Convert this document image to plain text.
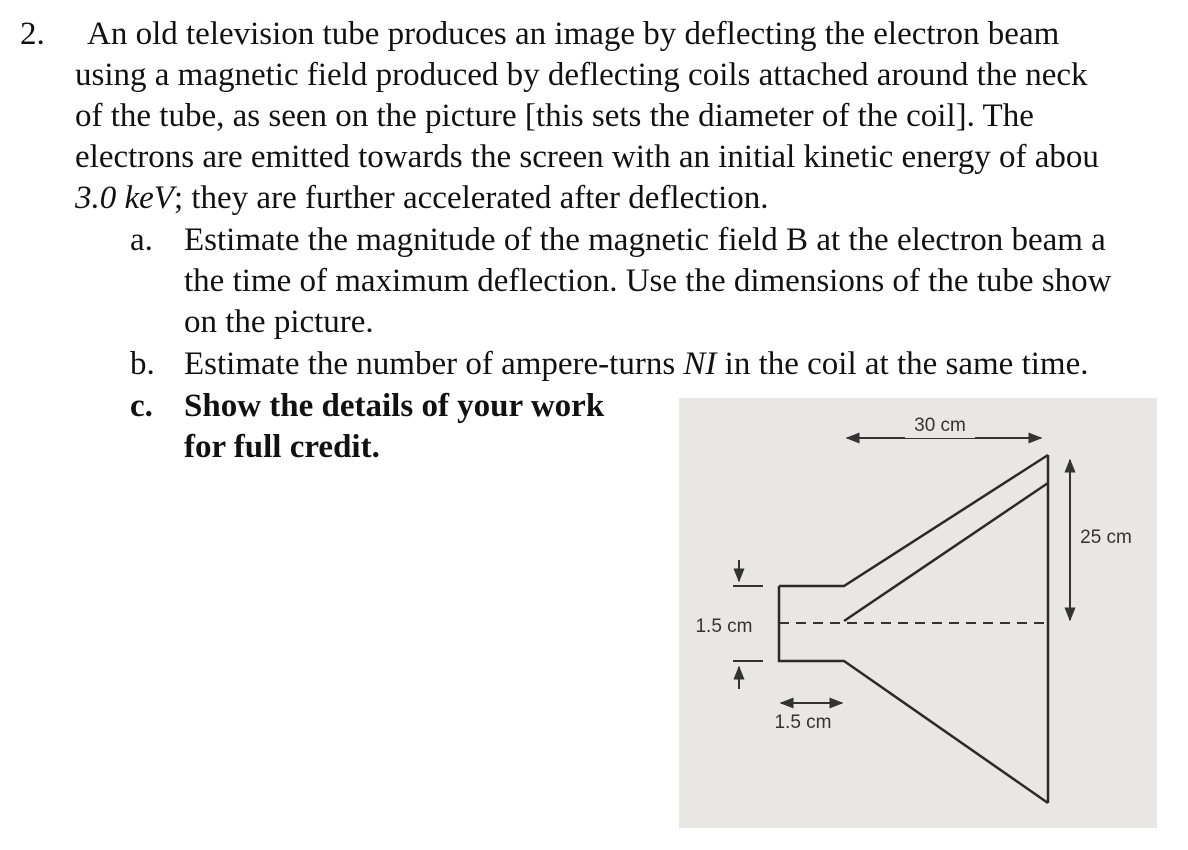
2. An old television tube produces an image by deflecting the electron beam
using a magnetic field produced by deflecting coils attached around the neck
of the tube, as seen on the picture [this sets the diameter of the coil]. The
electrons are emitted towards the screen with an initial kinetic energy of abou
3.0 keV; they are further accelerated after deflection.
a. Estimate the magnitude of the magnetic field B at the electron beam a
the time of maximum deflection. Use the dimensions of the tube show
on the picture.
b. Estimate the number of ampere-turns NI in the coil at the same time.
c. Show the details of your work
for full credit.
30 cm
25 cm
1.5 cm
1.5 cm
